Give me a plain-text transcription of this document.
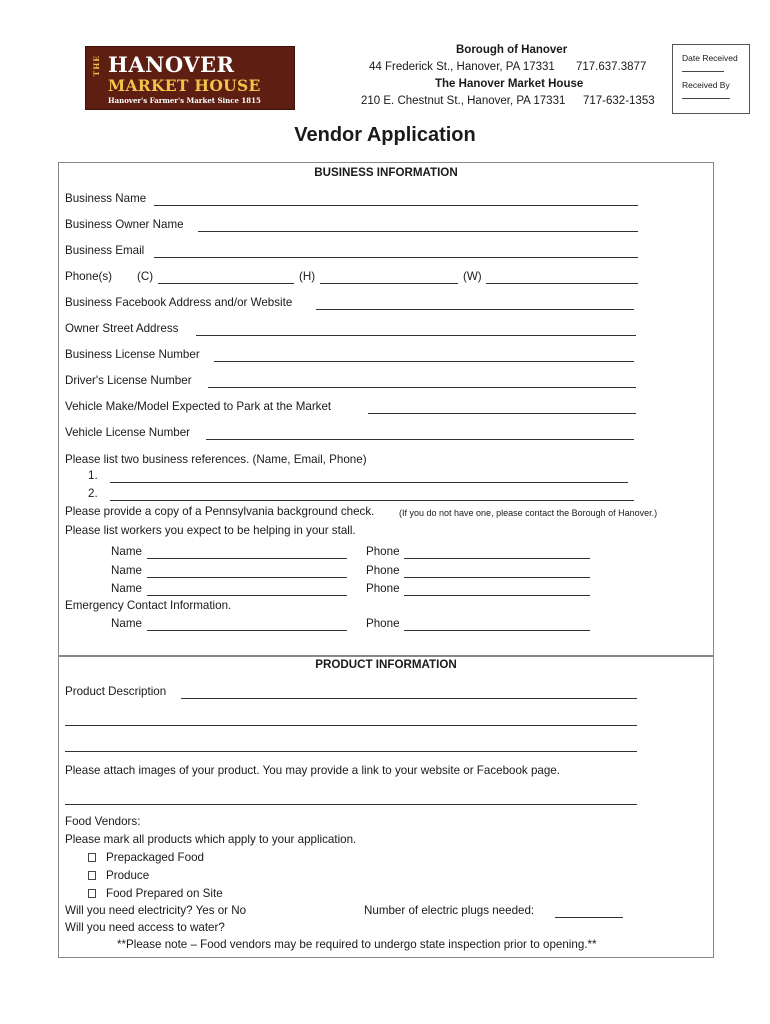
THE HANOVER
MARKET HOUSE
Hanover's Farmer's Market Since 1815
Borough of Hanover
44 Frederick St., Hanover, PA 17331 717.637.3877
The Hanover Market House
210 E. Chestnut St., Hanover, PA 17331 717-632-1353
Date Received
Received By
Vendor Application
BUSINESS INFORMATION
Business Name
Business Owner Name
Business Email
Phone(s) (C)	(H)	(W)
Business Facebook Address and/or Website
Owner Street Address
Business License Number
Driver's License Number
Vehicle Make/Model Expected to Park at the Market
Vehicle License Number
Please list two business references. (Name, Email, Phone)
1.
2.
Please provide a copy of a Pennsylvania background check.	(If you do not have one, please contact the Borough of Hanover.)
Please list workers you expect to be helping in your stall.
Name	Phone
Name	Phone
Name	Phone
Emergency Contact Information.
Name	Phone
PRODUCT INFORMATION
Product Description
Please attach images of your product. You may provide a link to your website or Facebook page.
Food Vendors:
Please mark all products which apply to your application.
Prepackaged Food
Produce
Food Prepared on Site
Will you need electricity? Yes or No	Number of electric plugs needed:
Will you need access to water?
**Please note – Food vendors may be required to undergo state inspection prior to opening.**
